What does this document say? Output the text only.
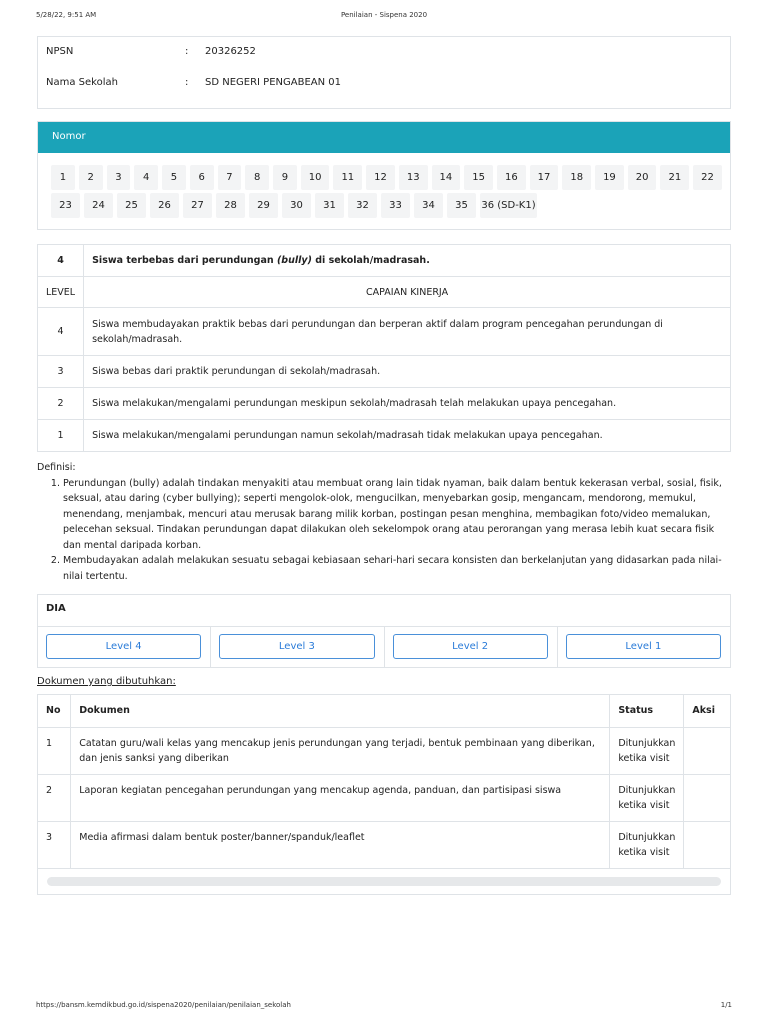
5/28/22, 9:51 AM	Penilaian - Sispena 2020
NPSN	: 20326252
Nama Sekolah	: SD NEGERI PENGABEAN 01
Nomor
1	2	3	4	5	6	7	8	9	10	11	12	13	14	15	16	17	18	19	20	21	22
23	24	25	26	27	28	29	30	31	32	33	34	35	36 (SD-K1)
4	Siswa terbebas dari perundungan (bully) di sekolah/madrasah.
LEVEL	CAPAIAN KINERJA
4	Siswa membudayakan praktik bebas dari perundungan dan berperan aktif dalam program pencegahan perundungan di sekolah/madrasah.
3	Siswa bebas dari praktik perundungan di sekolah/madrasah.
2	Siswa melakukan/mengalami perundungan meskipun sekolah/madrasah telah melakukan upaya pencegahan.
1	Siswa melakukan/mengalami perundungan namun sekolah/madrasah tidak melakukan upaya pencegahan.
Definisi:
1. Perundungan (bully) adalah tindakan menyakiti atau membuat orang lain tidak nyaman, baik dalam bentuk kekerasan verbal, sosial, fisik, seksual, atau daring (cyber bullying); seperti mengolok-olok, mengucilkan, menyebarkan gosip, mengancam, mendorong, memukul, menendang, menjambak, mencuri atau merusak barang milik korban, postingan pesan menghina, membagikan foto/video memalukan, pelecehan seksual. Tindakan perundungan dapat dilakukan oleh sekelompok orang atau perorangan yang merasa lebih kuat secara fisik dan mental daripada korban.
2. Membudayakan adalah melakukan sesuatu sebagai kebiasaan sehari-hari secara konsisten dan berkelanjutan yang didasarkan pada nilai-nilai tertentu.
DIA
Level 4	Level 3	Level 2	Level 1
Dokumen yang dibutuhkan:
No	Dokumen	Status	Aksi
1	Catatan guru/wali kelas yang mencakup jenis perundungan yang terjadi, bentuk pembinaan yang diberikan, dan jenis sanksi yang diberikan	Ditunjukkan ketika visit	
2	Laporan kegiatan pencegahan perundungan yang mencakup agenda, panduan, dan partisipasi siswa	Ditunjukkan ketika visit	
3	Media afirmasi dalam bentuk poster/banner/spanduk/leaflet	Ditunjukkan ketika visit	
https://bansm.kemdikbud.go.id/sispena2020/penilaian/penilaian_sekolah	1/1
